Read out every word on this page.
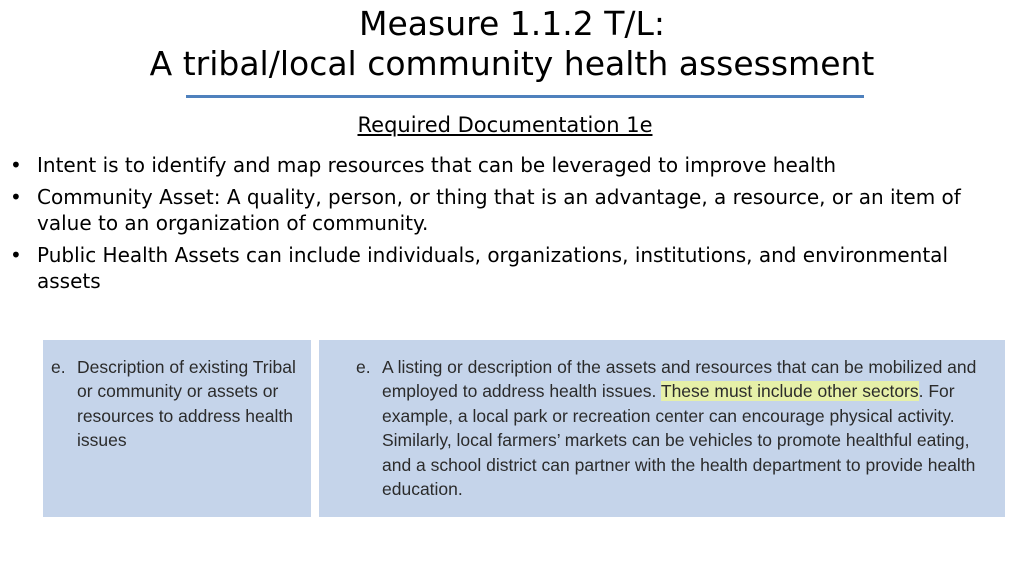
Measure 1.1.2 T/L:
A tribal/local community health assessment
Required Documentation 1e
• Intent is to identify and map resources that can be leveraged to improve health
• Community Asset: A quality, person, or thing that is an advantage, a resource, or an item of value to an organization of community.
• Public Health Assets can include individuals, organizations, institutions, and environmental assets
e. Description of existing Tribal or community or assets or resources to address health issues
e. A listing or description of the assets and resources that can be mobilized and employed to address health issues. These must include other sectors. For example, a local park or recreation center can encourage physical activity. Similarly, local farmers’ markets can be vehicles to promote healthful eating, and a school district can partner with the health department to provide health education.
